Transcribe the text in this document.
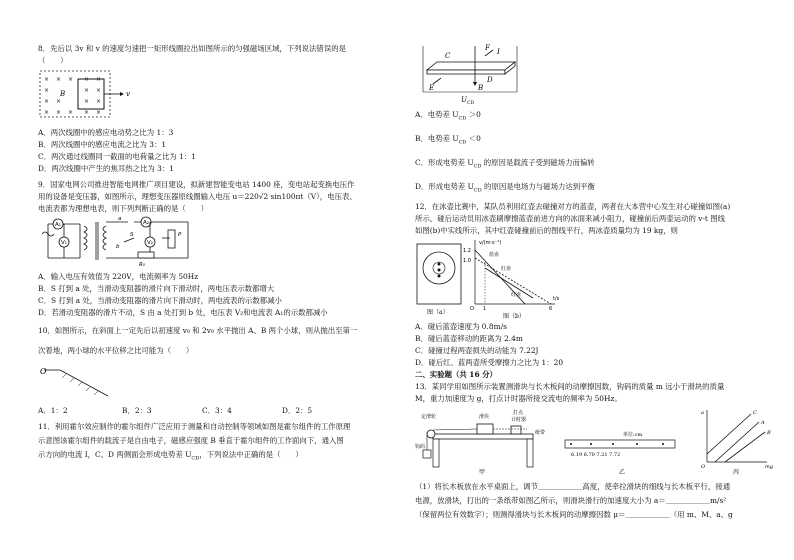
8．先后以 3v 和 v 的速度匀速把一矩形线圈拉出如图所示的匀强磁场区域，下列说法错误的是
（　　）
× × × × ×
×	× ×
× ×	× ×
× × × × ×
B	v
A．两次线圈中的感应电动势之比为 1：3
B．两次线圈中的感应电流之比为 3：1
C．两次通过线圈同一截面的电荷量之比为 1：1
D．两次线圈中产生的焦耳热之比为 3：1
9．国家电网公司推进智能电网推广项目建设，拟新建智能变电站 1400 座，变电站起变换电压作
用的设备是变压器，如图所示，理想变压器原线圈输入电压 u＝220√2 sin100πt（V），电压表、
电流表都为理想电表，则下列判断正确的是（　　）
A₁
V₁
A₂
V₂
a
b
S	P
R₀
A．输入电压有效值为 220V，电流频率为 50Hz
B．S 打到 a 处，当滑动变阻器的滑片向下滑动时，两电压表示数都增大
C．S 打到 a 处，当滑动变阻器的滑片向下滑动时，两电流表的示数都减小
D．若滑动变阻器的滑片不动，S 由 a 处打到 b 处，电压表 V₂和电流表 A₁的示数都减小
10．如图所示，在斜面上一定先后以初速度 v₀ 和 2v₀ 水平抛出 A、B 两个小球，则从抛出至第一
次着地，两小球的水平位移之比可能为（　　）
O
A．1：2	B．2：3	C．3：4	D．2：5
11．利用霍尔效应制作的霍尔组件广泛应用于测量和自动控制等领域如图是霍尔组件的工作原理
示意图该霍尔组件的载流子是自由电子，磁感应强度 B 垂直于霍尔组件的工作面向下，通入图
示方向的电流 I，C、D 两侧面会形成电势差 $U_{CD}$，下列说法中正确的是（　　）
C
F I
D
E	B
U CD
A．电势差 $U_{CD} >0$
B．电势差 $U_{CD} <0$
C．形成电势差 $U_{CD}$ 的原因是载流子受到磁场力而偏转
D．形成电势差 $U_{CD}$ 的原因是电场力与磁场力达到平衡
12．在冰壶比赛中，某队员利用红壶去碰撞对方的蓝壶，两者在大本营中心发生对心碰撞如图(a)
所示，碰后运动员用冰壶刷摩擦蓝壶前进方向的冰面来减小阻力，碰撞前后两壶运动的 v-t 图线
如图(b)中实线所示，其中红壶碰撞前后的图线平行，两冰壶质量均为 19 kg，则
图（a）
v/(m·s⁻¹)
1.2
1.0
蓝壶
红壶
红壶
O 1	6
t/s
图（b）
A．碰后蓝壶速度为 0.8m/s
B．碰后蓝壶移动的距离为 2.4m
C．碰撞过程两壶损失的动能为 7.22J
D．碰后红、蓝两壶所受摩擦力之比为 1：20
二、实验题（共 16 分）
13．某同学用如图所示装置测滑块与长木板间的动摩擦因数，钩码的质量 m 远小于滑块的质量
M，重力加速度为 g，打点计时器所接交流电的频率为 50Hz。
定滑轮	滑块
打点
计时器
纸带
钩码
甲
单位:cm
6.19 6.70 7.21 7.72
乙
a
O	mg
C
A
B
丙
（1）将长木板放在水平桌面上，调节＿＿＿＿＿＿高度，使牵拉滑块的细线与长木板平行，接通
电源，放滑块，打出的一条纸带如图乙所示，则滑块滑行的加速度大小为 a＝＿＿＿＿＿＿m/s²
（保留两位有效数字）；则测得滑块与长木板间的动摩擦因数 μ＝＿＿＿＿＿＿（用 m、M、a、g
